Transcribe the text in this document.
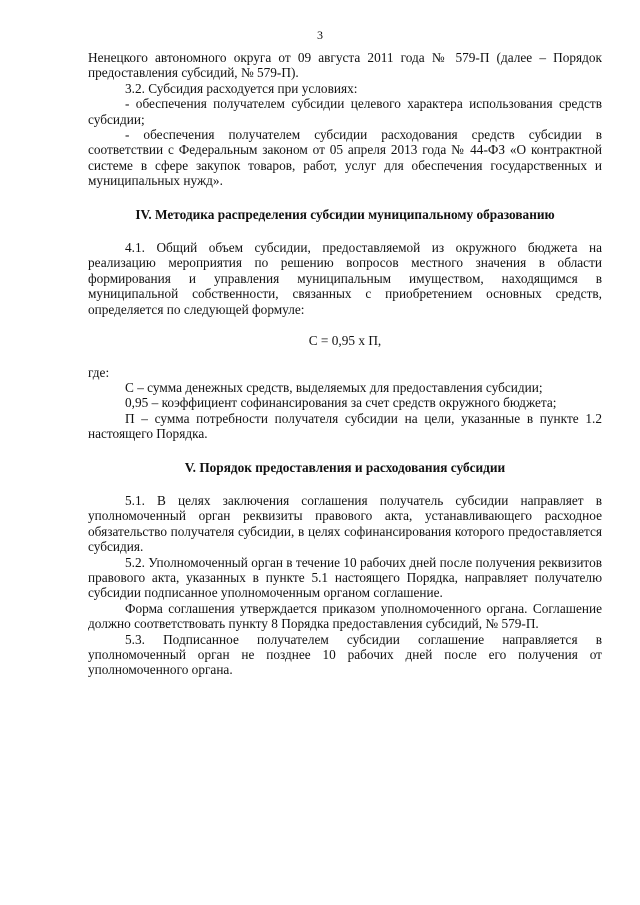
3

Ненецкого автономного округа от 09 августа 2011 года № 579-П (далее – Порядок предоставления субсидий, № 579-П).

3.2. Субсидия расходуется при условиях:

- обеспечения получателем субсидии целевого характера использования средств субсидии;

- обеспечения получателем субсидии расходования средств субсидии в соответствии с Федеральным законом от 05 апреля 2013 года № 44-ФЗ «О контрактной системе в сфере закупок товаров, работ, услуг для обеспечения государственных и муниципальных нужд».

IV. Методика распределения субсидии муниципальному образованию

4.1. Общий объем субсидии, предоставляемой из окружного бюджета на реализацию мероприятия по решению вопросов местного значения в области формирования и управления муниципальным имуществом, находящимся в муниципальной собственности, связанных с приобретением основных средств, определяется по следующей формуле:

С = 0,95 х П,

где:

С – сумма денежных средств, выделяемых для предоставления субсидии;

0,95 – коэффициент софинансирования за счет средств окружного бюджета;

П – сумма потребности получателя субсидии на цели, указанные в пункте 1.2 настоящего Порядка.

V. Порядок предоставления и расходования субсидии

5.1. В целях заключения соглашения получатель субсидии направляет в уполномоченный орган реквизиты правового акта, устанавливающего расходное обязательство получателя субсидии, в целях софинансирования которого предоставляется субсидия.

5.2. Уполномоченный орган в течение 10 рабочих дней после получения реквизитов правового акта, указанных в пункте 5.1 настоящего Порядка, направляет получателю субсидии подписанное уполномоченным органом соглашение.

Форма соглашения утверждается приказом уполномоченного органа. Соглашение должно соответствовать пункту 8 Порядка предоставления субсидий, № 579-П.

5.3. Подписанное получателем субсидии соглашение направляется в уполномоченный орган не позднее 10 рабочих дней после его получения от уполномоченного органа.
